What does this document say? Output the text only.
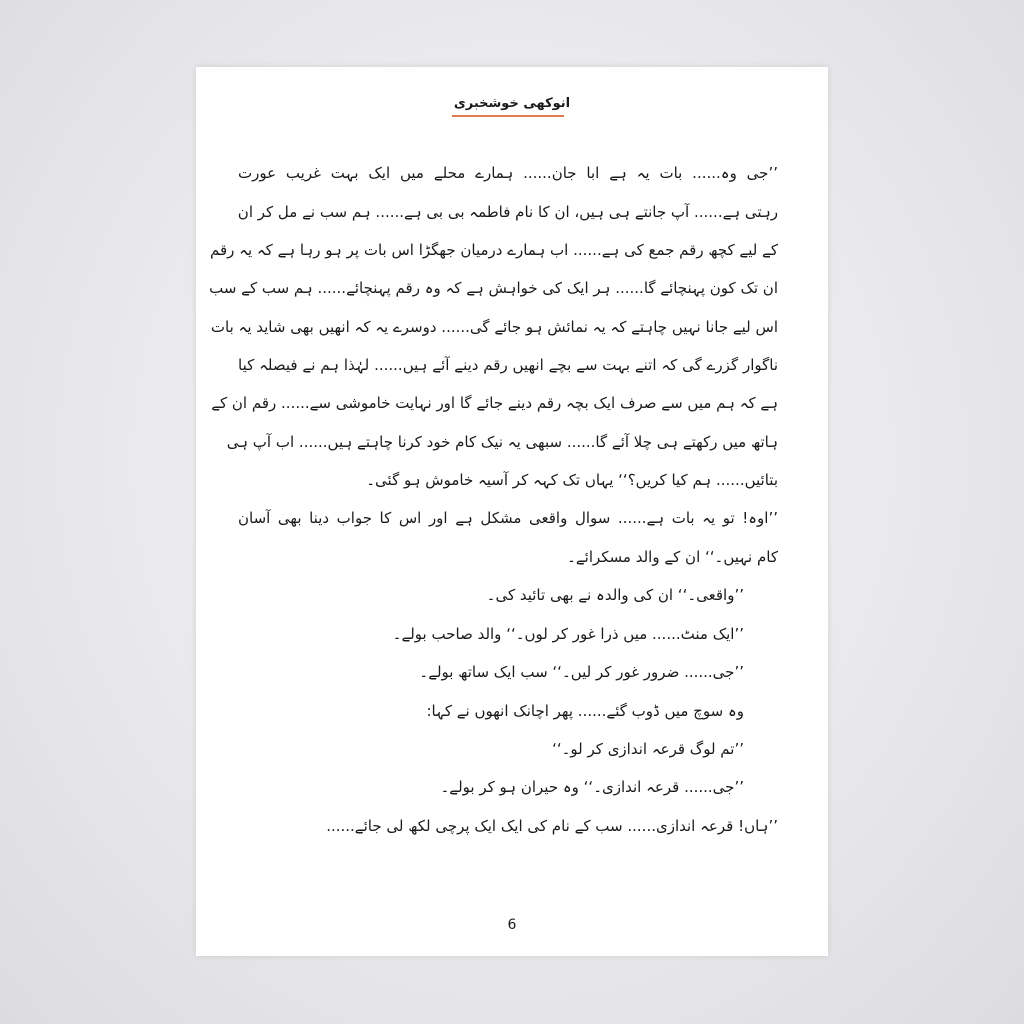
انوکھی خوشخبری
’’جی وہ...... بات یہ ہے ابا جان...... ہمارے محلے میں ایک بہت غریب عورت
رہتی ہے...... آپ جانتے ہی ہیں، ان کا نام فاطمہ بی بی ہے...... ہم سب نے مل کر ان
کے لیے کچھ رقم جمع کی ہے...... اب ہمارے درمیان جھگڑا اس بات پر ہو رہا ہے کہ یہ رقم
ان تک کون پہنچائے گا...... ہر ایک کی خواہش ہے کہ وہ رقم پہنچائے...... ہم سب کے سب
اس لیے جانا نہیں چاہتے کہ یہ نمائش ہو جائے گی...... دوسرے یہ کہ انھیں بھی شاید یہ بات
ناگوار گزرے گی کہ اتنے بہت سے بچے انھیں رقم دینے آئے ہیں...... لہٰذا ہم نے فیصلہ کیا
ہے کہ ہم میں سے صرف ایک بچہ رقم دینے جائے گا اور نہایت خاموشی سے...... رقم ان کے
ہاتھ میں رکھتے ہی چلا آئے گا...... سبھی یہ نیک کام خود کرنا چاہتے ہیں...... اب آپ ہی
بتائیں...... ہم کیا کریں؟‘‘ یہاں تک کہہ کر آسیہ خاموش ہو گئی۔
’’اوہ! تو یہ بات ہے...... سوال واقعی مشکل ہے اور اس کا جواب دینا بھی آسان
کام نہیں۔‘‘ ان کے والد مسکرائے۔
’’واقعی۔‘‘ ان کی والدہ نے بھی تائید کی۔
’’ایک منٹ...... میں ذرا غور کر لوں۔‘‘ والد صاحب بولے۔
’’جی...... ضرور غور کر لیں۔‘‘ سب ایک ساتھ بولے۔
وہ سوچ میں ڈوب گئے...... پھر اچانک انھوں نے کہا:
’’تم لوگ قرعہ اندازی کر لو۔‘‘
’’جی...... قرعہ اندازی۔‘‘ وہ حیران ہو کر بولے۔
’’ہاں! قرعہ اندازی...... سب کے نام کی ایک ایک پرچی لکھ لی جائے......
6
